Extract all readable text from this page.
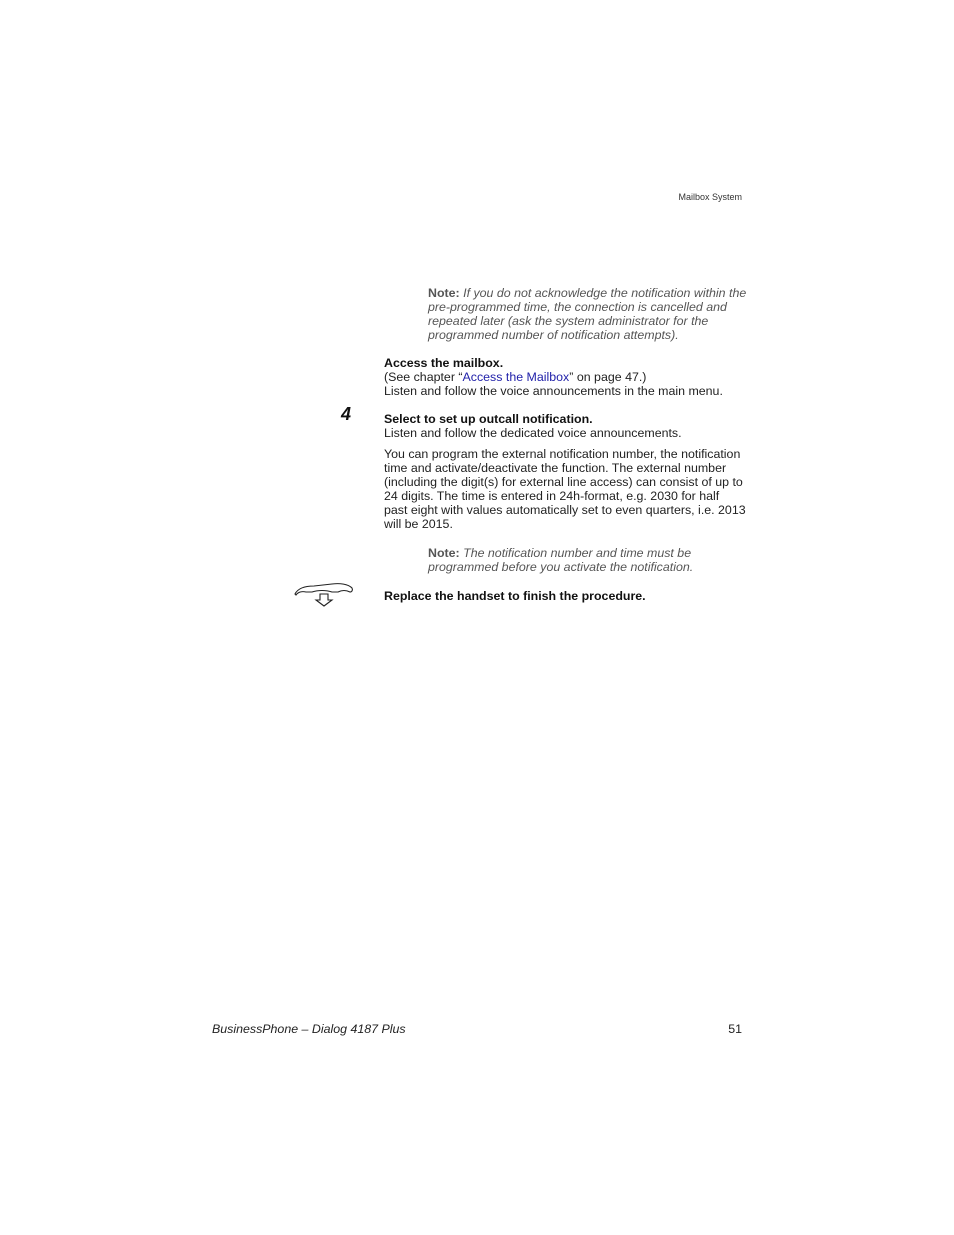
Mailbox System
Note: If you do not acknowledge the notification within the pre-programmed time, the connection is cancelled and repeated later (ask the system administrator for the programmed number of notification attempts).

Access the mailbox.

(See chapter “Access the Mailbox” on page 47.)

Listen and follow the voice announcements in the main menu.

4	Select to set up outcall notification.

Listen and follow the dedicated voice announcements.

You can program the external notification number, the notification time and activate/deactivate the function. The external number (including the digit(s) for external line access) can consist of up to 24 digits. The time is entered in 24h-format, e.g. 2030 for half past eight with values automatically set to even quarters, i.e. 2013 will be 2015.

Note: The notification number and time must be programmed before you activate the notification.
Replace the handset to finish the procedure.
BusinessPhone – Dialog 4187 Plus	51
